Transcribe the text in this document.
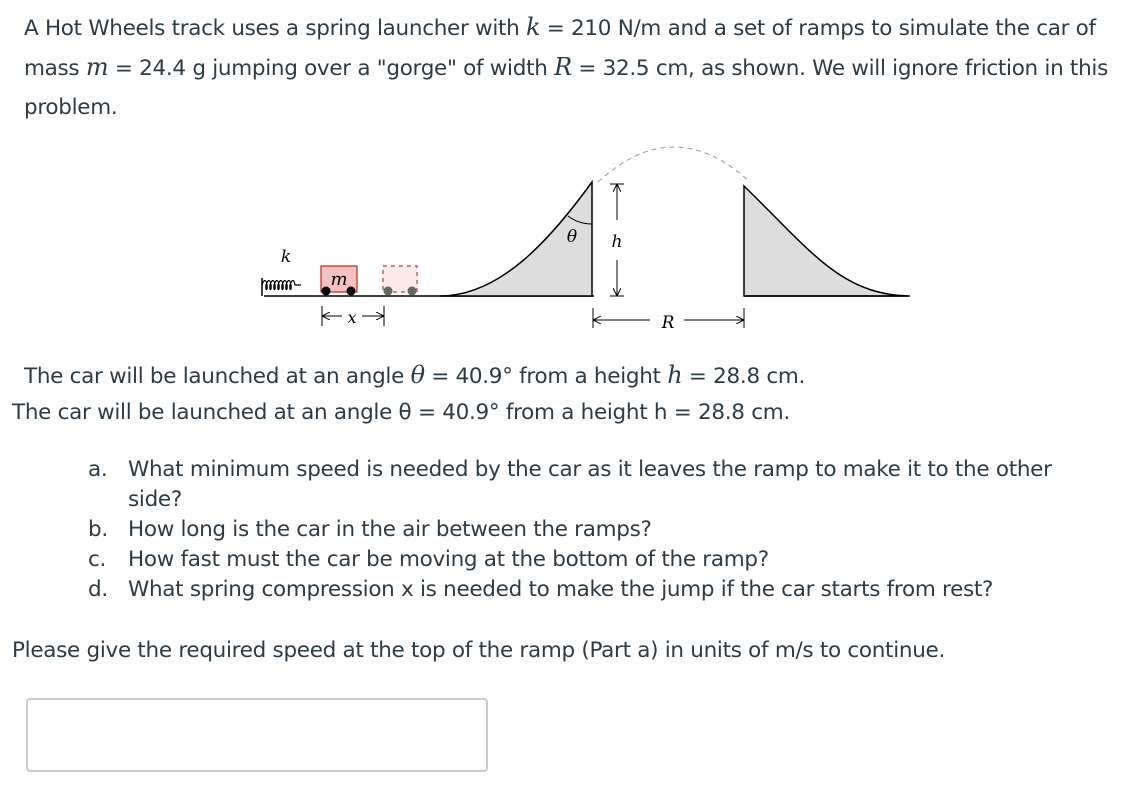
A Hot Wheels track uses a spring launcher with k = 210 N/m and a set of ramps to simulate the car of mass m = 24.4 g jumping over a "gorge" of width R = 32.5 cm, as shown. We will ignore friction in this problem.
k
m
x
θ h
R
The car will be launched at an angle θ = 40.9° from a height h = 28.8 cm.
The car will be launched at an angle θ = 40.9° from a height h = 28.8 cm.
a. What minimum speed is needed by the car as it leaves the ramp to make it to the other side?
b. How long is the car in the air between the ramps?
c.	How fast must the car be moving at the bottom of the ramp?
d. What spring compression x is needed to make the jump if the car starts from rest?
Please give the required speed at the top of the ramp (Part a) in units of m/s to continue.
